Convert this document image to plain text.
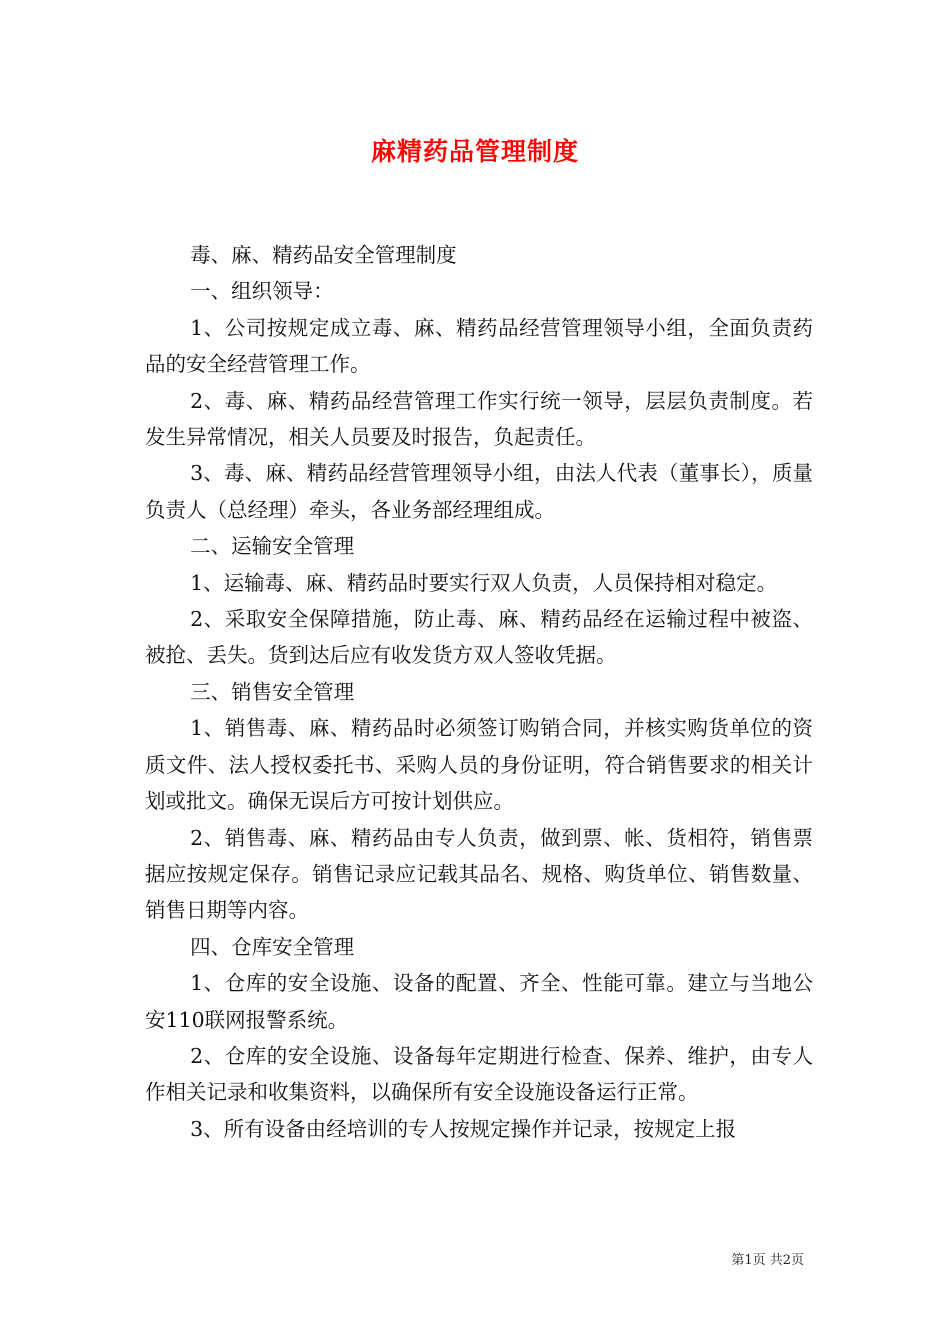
麻精药品管理制度

毒、麻、精药品安全管理制度

一、组织领导：

1、公司按规定成立毒、麻、精药品经营管理领导小组，全面负责药品的安全经营管理工作。

2、毒、麻、精药品经营管理工作实行统一领导，层层负责制度。若发生异常情况，相关人员要及时报告，负起责任。

3、毒、麻、精药品经营管理领导小组，由法人代表（董事长），质量负责人（总经理）牵头，各业务部经理组成。

二、运输安全管理

1、运输毒、麻、精药品时要实行双人负责，人员保持相对稳定。

2、采取安全保障措施，防止毒、麻、精药品经在运输过程中被盗、被抢、丢失。货到达后应有收发货方双人签收凭据。

三、销售安全管理

1、销售毒、麻、精药品时必须签订购销合同，并核实购货单位的资质文件、法人授权委托书、采购人员的身份证明，符合销售要求的相关计划或批文。确保无误后方可按计划供应。

2、销售毒、麻、精药品由专人负责，做到票、帐、货相符，销售票据应按规定保存。销售记录应记载其品名、规格、购货单位、销售数量、销售日期等内容。

四、仓库安全管理

1、仓库的安全设施、设备的配置、齐全、性能可靠。建立与当地公安110联网报警系统。

2、仓库的安全设施、设备每年定期进行检查、保养、维护，由专人作相关记录和收集资料，以确保所有安全设施设备运行正常。

3、所有设备由经培训的专人按规定操作并记录，按规定上报

第1页 共2页
